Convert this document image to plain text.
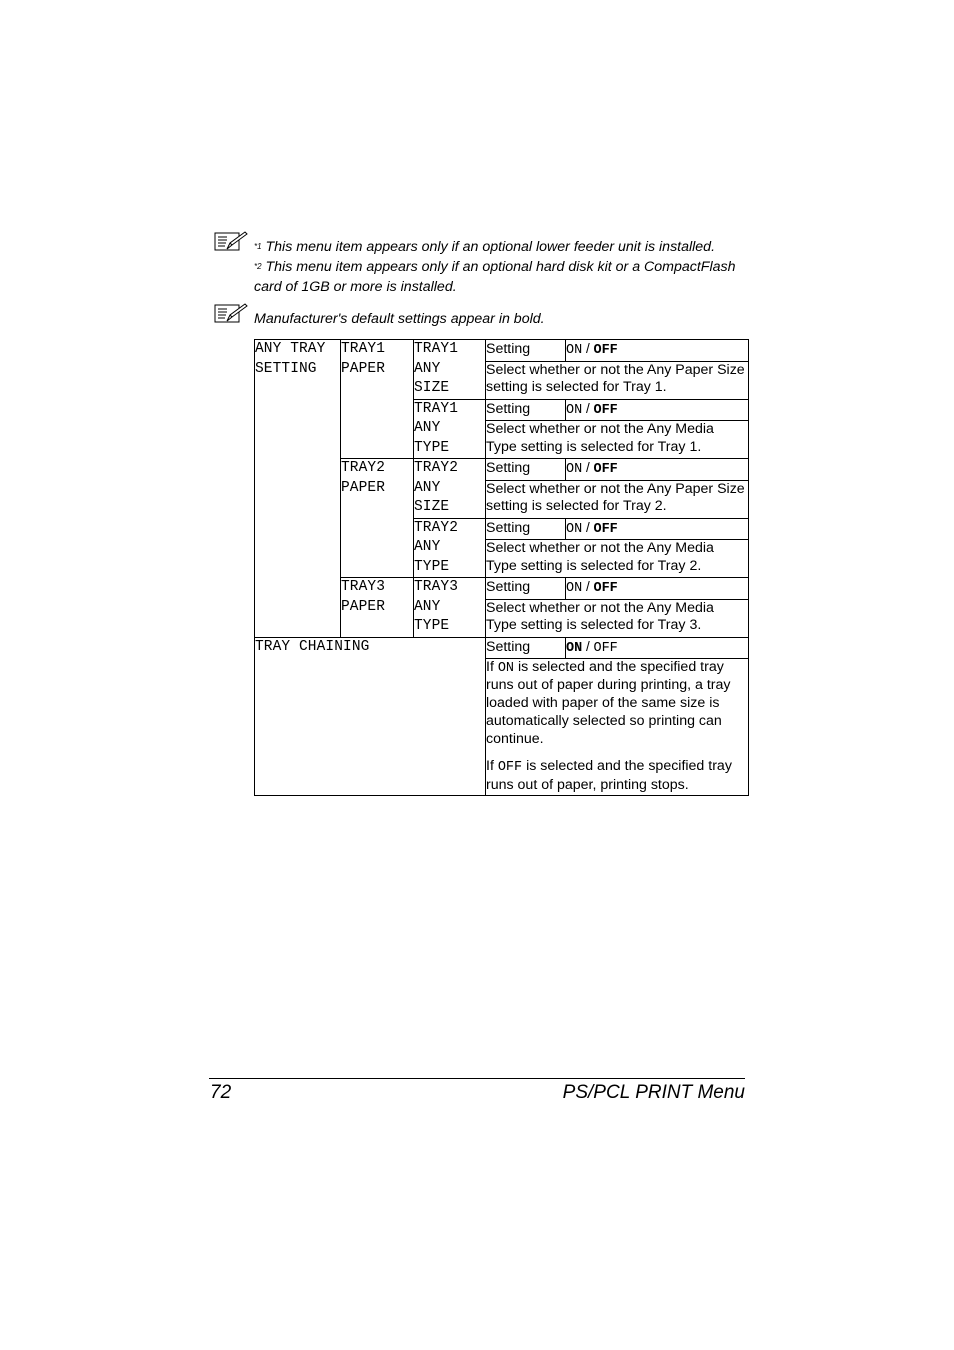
$^{*1}$ This menu item appears only if an optional lower feeder unit is installed.
$^{*2}$ This menu item appears only if an optional hard disk kit or a CompactFlash
card of 1GB or more is installed.
Manufacturer's default settings appear in bold.
ANY TRAY SETTING	TRAY1 PAPER	TRAY1 ANY SIZE	Setting	ON / OFF
			Select whether or not the Any Paper Size setting is selected for Tray 1.	
		TRAY1 ANY TYPE	Setting	ON / OFF
			Select whether or not the Any Media Type setting is selected for Tray 1.	
	TRAY2 PAPER	TRAY2 ANY SIZE	Setting	ON / OFF
			Select whether or not the Any Paper Size setting is selected for Tray 2.	
		TRAY2 ANY TYPE	Setting	ON / OFF
			Select whether or not the Any Media Type setting is selected for Tray 2.	
	TRAY3 PAPER	TRAY3 ANY TYPE	Setting	ON / OFF
			Select whether or not the Any Media Type setting is selected for Tray 3.	
TRAY CHAINING			Setting	ON / OFF

			If ON is selected and the specified tray runs out of paper during printing, a tray loaded with paper of the same size is automatically selected so printing can continue.

If OFF is selected and the specified tray runs out of paper, printing stops.	

72	PS/PCL PRINT Menu
